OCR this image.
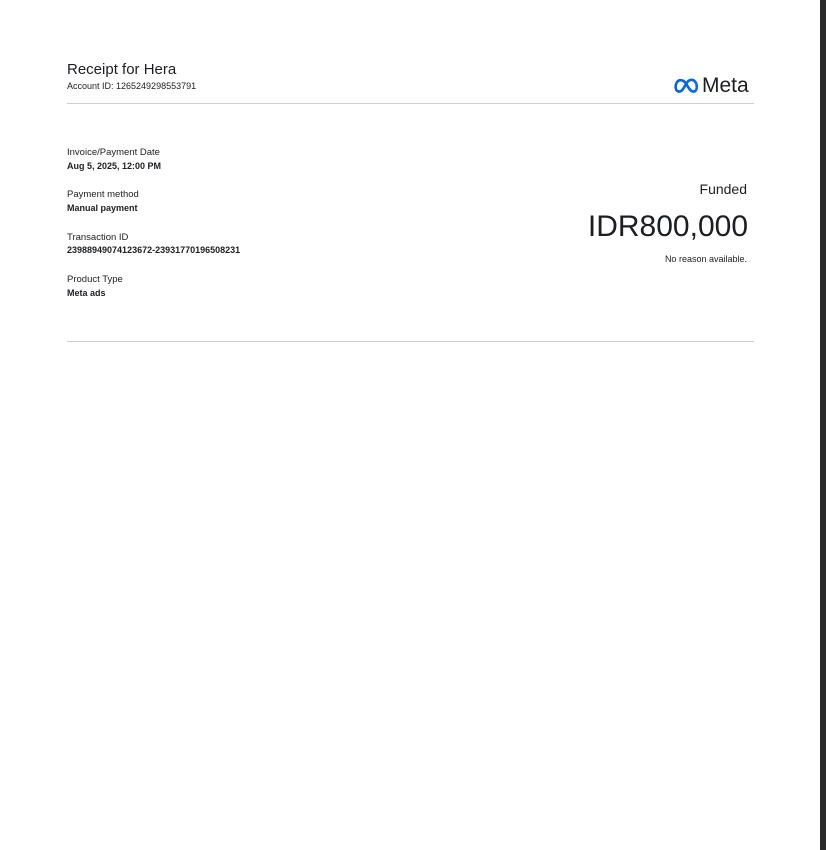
Receipt for Hera
Account ID: 1265249298553791	Meta
Invoice/Payment Date
Aug 5, 2025, 12:00 PM
Payment method
Manual payment
Transaction ID
23988949074123672-23931770196508231
Product Type
Meta ads
Funded
IDR800,000
No reason available.
